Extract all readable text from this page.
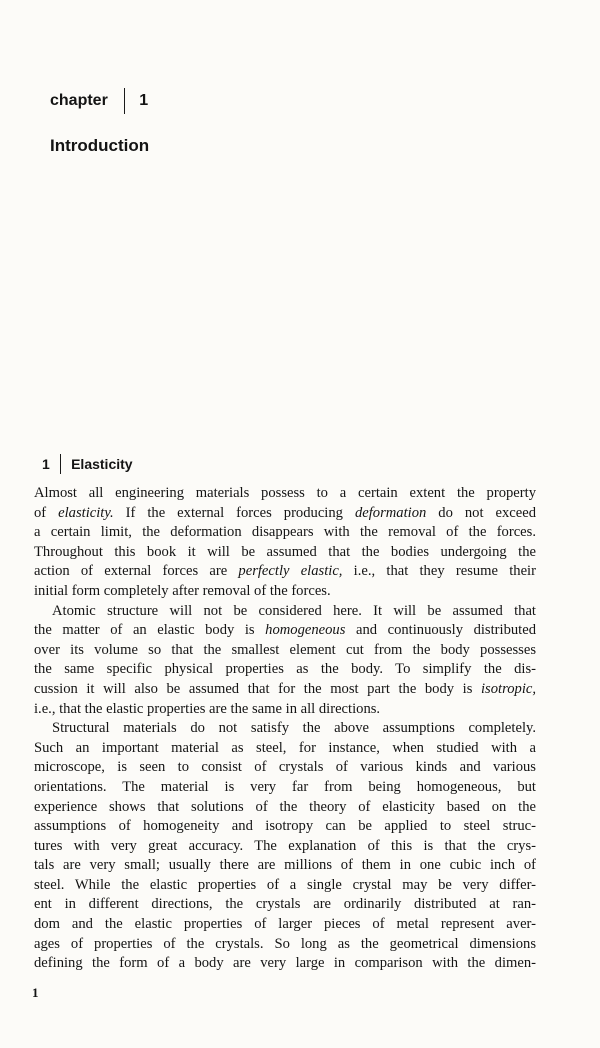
chapter 1
Introduction
1 Elasticity
Almost all engineering materials possess to a certain extent the property
of elasticity. If the external forces producing deformation do not exceed
a certain limit, the deformation disappears with the removal of the forces.
Throughout this book it will be assumed that the bodies undergoing the
action of external forces are perfectly elastic, i.e., that they resume their
initial form completely after removal of the forces.
Atomic structure will not be considered here. It will be assumed that
the matter of an elastic body is homogeneous and continuously distributed
over its volume so that the smallest element cut from the body possesses
the same specific physical properties as the body. To simplify the dis-
cussion it will also be assumed that for the most part the body is isotropic,
i.e., that the elastic properties are the same in all directions.
Structural materials do not satisfy the above assumptions completely.
Such an important material as steel, for instance, when studied with a
microscope, is seen to consist of crystals of various kinds and various
orientations. The material is very far from being homogeneous, but
experience shows that solutions of the theory of elasticity based on the
assumptions of homogeneity and isotropy can be applied to steel struc-
tures with very great accuracy. The explanation of this is that the crys-
tals are very small; usually there are millions of them in one cubic inch of
steel. While the elastic properties of a single crystal may be very differ-
ent in different directions, the crystals are ordinarily distributed at ran-
dom and the elastic properties of larger pieces of metal represent aver-
ages of properties of the crystals. So long as the geometrical dimensions
defining the form of a body are very large in comparison with the dimen-
1
